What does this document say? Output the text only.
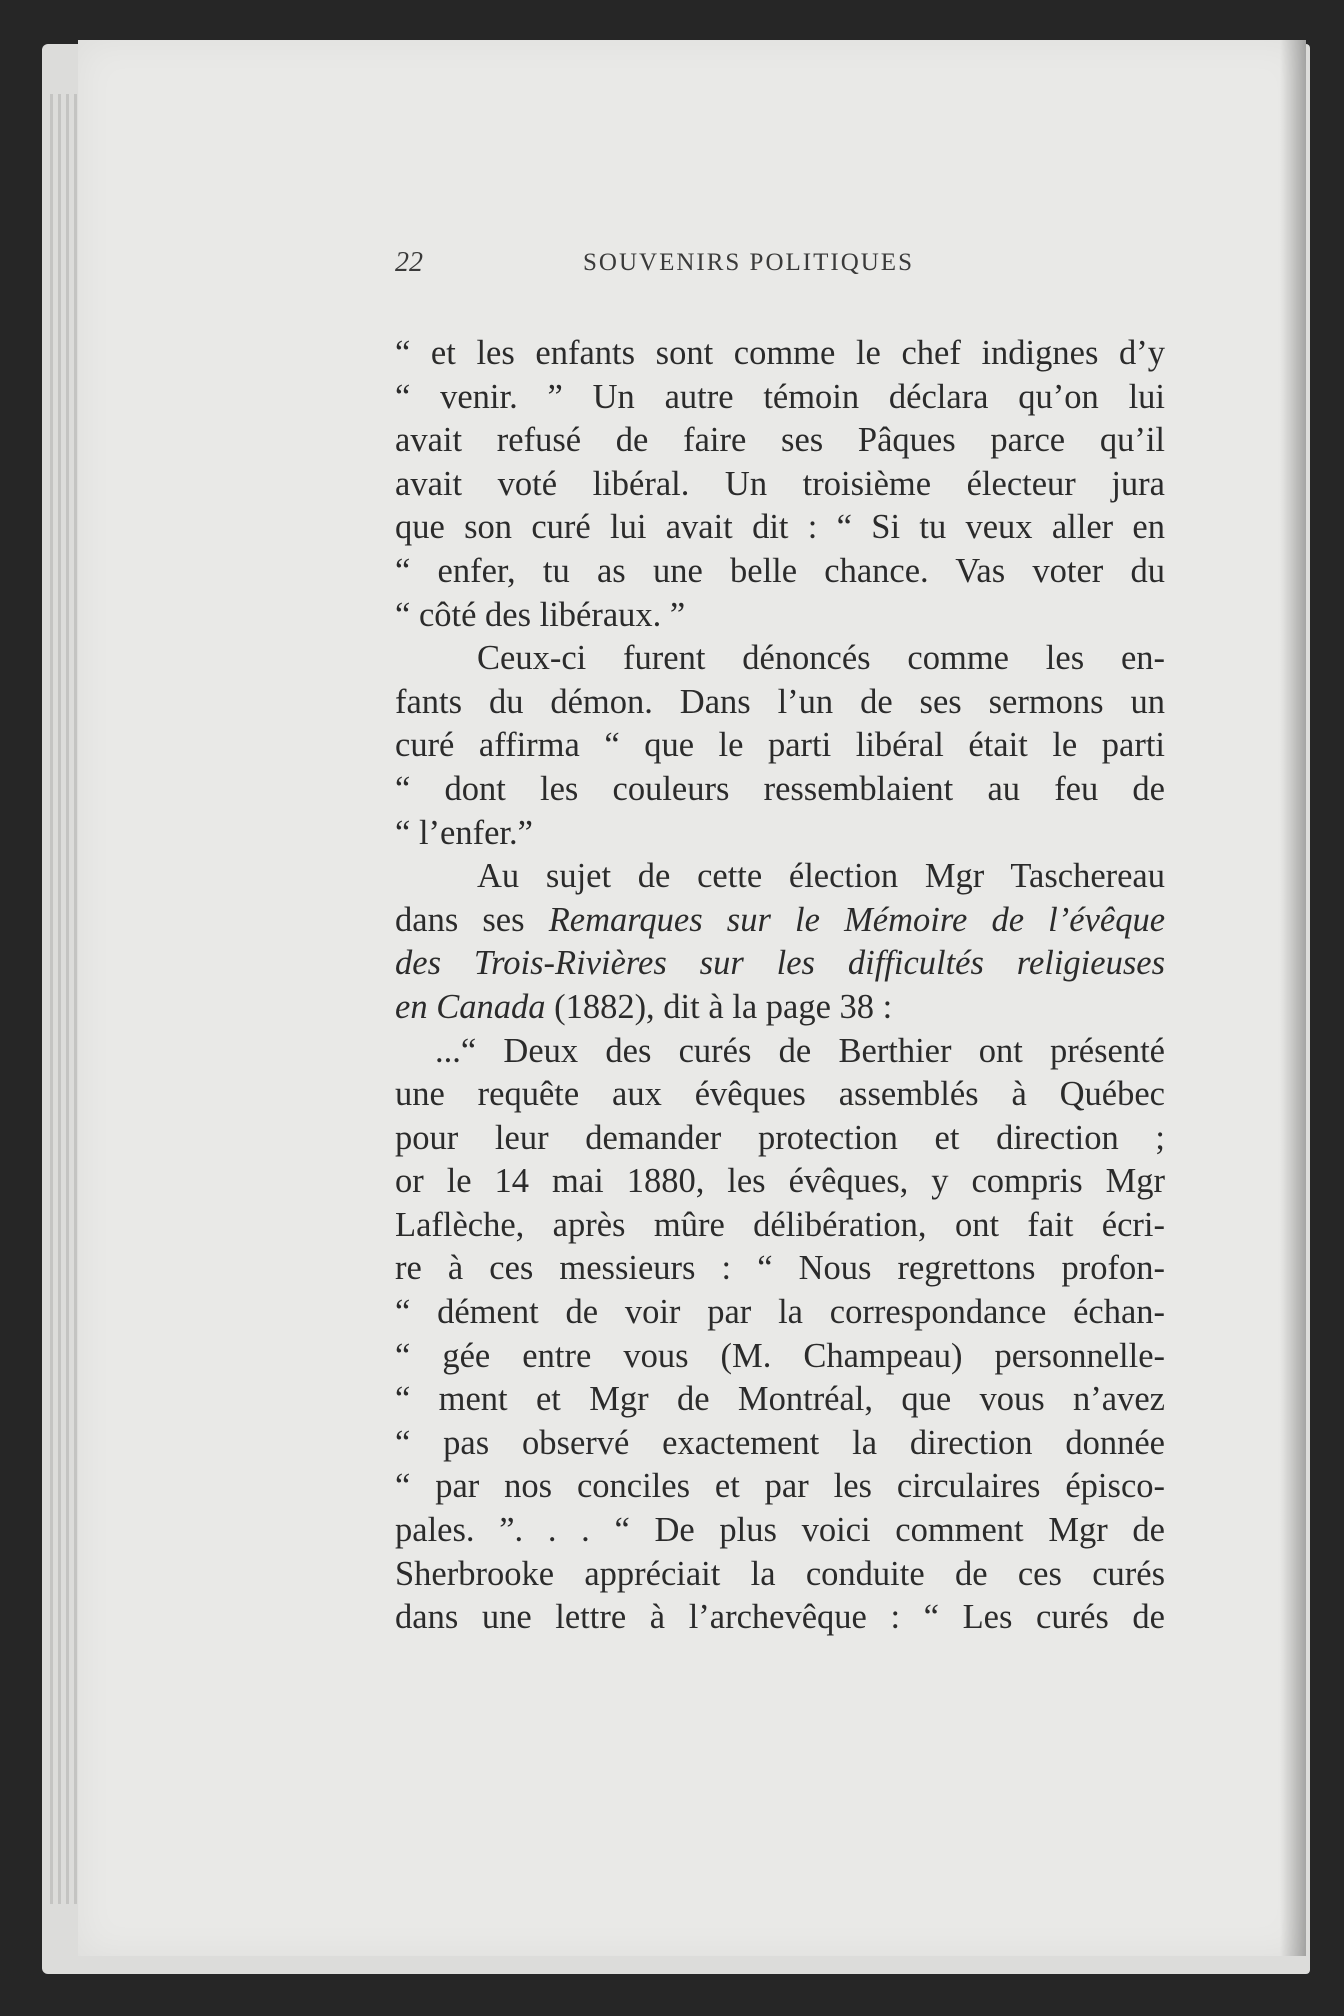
22	SOUVENIRS POLITIQUES

“ et les enfants sont comme le chef indignes d’y
“ venir. ” Un autre témoin déclara qu’on lui
avait refusé de faire ses Pâques parce qu’il
avait voté libéral. Un troisième électeur jura
que son curé lui avait dit : “ Si tu veux aller en
“ enfer, tu as une belle chance. Vas voter du
“ côté des libéraux. ”

Ceux-ci furent dénoncés comme les en-
fants du démon. Dans l’un de ses sermons un
curé affirma “ que le parti libéral était le parti
“ dont les couleurs ressemblaient au feu de
“ l’enfer.”

Au sujet de cette élection Mgr Taschereau
dans ses Remarques sur le Mémoire de l’évêque
des Trois-Rivières sur les difficultés religieuses
en Canada (1882), dit à la page 38 :

...“ Deux des curés de Berthier ont présenté
une requête aux évêques assemblés à Québec
pour leur demander protection et direction ;
or le 14 mai 1880, les évêques, y compris Mgr
Laflèche, après mûre délibération, ont fait écri-
re à ces messieurs : “ Nous regrettons profon-
“ dément de voir par la correspondance échan-
“ gée entre vous (M. Champeau) personnelle-
“ ment et Mgr de Montréal, que vous n’avez
“ pas observé exactement la direction donnée
“ par nos conciles et par les circulaires épisco-
pales. ”. . . “ De plus voici comment Mgr de
Sherbrooke appréciait la conduite de ces curés
dans une lettre à l’archevêque : “ Les curés de
